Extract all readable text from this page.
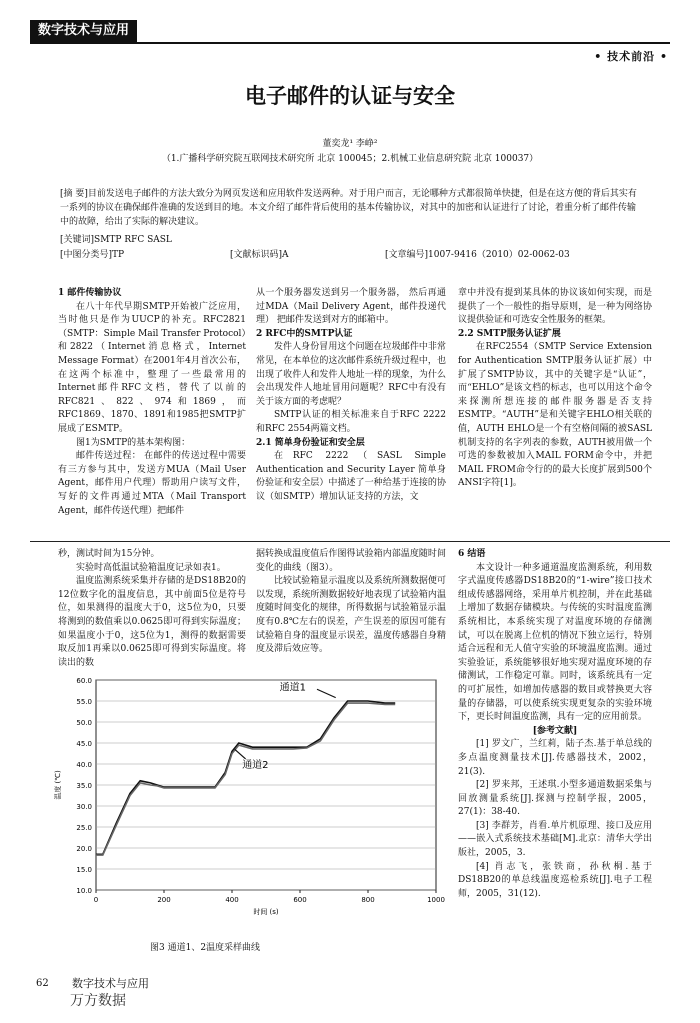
数字技术与应用
• 技术前沿 •
电子邮件的认证与安全
董奕龙¹ 李峥²
（1.广播科学研究院互联网技术研究所 北京 100045；2.机械工业信息研究院 北京 100037）
[摘 要]目前发送电子邮件的方法大致分为网页发送和应用软件发送两种。对于用户而言，无论哪种方式都很简单快捷，但是在这方便的背后其实有一系列的协议在确保邮件准确的发送到目的地。本文介绍了邮件背后使用的基本传输协议，对其中的加密和认证进行了讨论，着重分析了邮件传输中的故障，给出了实际的解决建议。
[关键词]SMTP RFC SASL
[中图分类号]TP	[文献标识码]A	[文章编号]1007-9416（2010）02-0062-03

1 邮件传输协议

在八十年代早期SMTP开始被广泛应用，当时他只是作为UUCP的补充。RFC2821（SMTP：Simple Mail Transfer Protocol）和2822（Internet消息格式，Internet Message Format）在2001年4月首次公布，在这两个标准中，整理了一些最常用的Internet邮件RFC文档，替代了以前的RFC821、822、974和1869，而RFC1869、1870、1891和1985把SMTP扩展成了ESMTP。

图1为SMTP的基本架构图：

邮件传送过程： 在邮件的传送过程中需要有三方参与其中，发送方MUA（Mail User Agent，邮件用户代理）帮助用户读写文件，写好的文件再通过MTA（Mail Transport Agent，邮件传送代理）把邮件

从一个服务器发送到另一个服务器， 然后再通过MDA（Mail Delivery Agent，邮件投递代理） 把邮件发送到对方的邮箱中。

2 RFC中的SMTP认证

发件人身份冒用这个问题在垃圾邮件中非常常见，在本单位的这次邮件系统升级过程中，也出现了收件人和发件人地址一样的现象，为什么会出现发件人地址冒用问题呢？RFC中有没有关于该方面的考虑呢？

SMTP认证的相关标准来自于RFC 2222和RFC 2554两篇文档。

2.1 简单身份验证和安全层

在RFC 2222（SASL Simple Authentication and Security Layer 简单身份验证和安全层）中描述了一种给基于连接的协议（如SMTP）增加认证支持的方法，文

章中并没有提到某具体的协议该如何实现，而是提供了一个一般性的指导原则，是一种为网络协议提供验证和可选安全性服务的框架。

2.2 SMTP服务认证扩展

在RFC2554（SMTP Service Extension for Authentication SMTP服务认证扩展）中扩展了SMTP协议，其中的关键字是“认证”，而“EHLO”是该文档的标志，也可以用这个命令来探测所想连接的邮件服务器是否支持ESMTP。“AUTH”是和关键字EHLO相关联的值，AUTH EHLO是一个有空格间隔的被SASL机制支持的名字列表的参数，AUTH被用做一个可选的参数被加入MAIL FORM命令中，并把MAIL FROM命令行的的最大长度扩展到500个ANSI字符[1]。

秒，测试时间为15分钟。

实验时高低温试验箱温度记录如表1。

温度监测系统采集并存储的是DS18B20的12位数字化的温度信息，其中前面5位是符号位，如果测得的温度大于0，这5位为0，只要将测到的数值乘以0.0625即可得到实际温度；如果温度小于0，这5位为1，测得的数据需要取反加1再乘以0.0625即可得到实际温度。将读出的数

据转换成温度值后作图得试验箱内部温度随时间变化的曲线（图3）。

比较试验箱显示温度以及系统所测数据便可以发现，系统所测数据较好地表现了试验箱内温度随时间变化的规律，所得数据与试验箱显示温度有0.8℃左右的误差，产生误差的原因可能有试验箱自身的温度显示误差，温度传感器自身精度及滞后效应等。

6 结语

本文设计一种多通道温度监测系统，利用数字式温度传感器DS18B20的“1-wire”接口技术组成传感器网络，采用单片机控制，并在此基础上增加了数据存储模块。与传统的实时温度监测系统相比，本系统实现了对温度环境的存储测试，可以在脱离上位机的情况下独立运行，特别适合远程和无人值守实验的环境温度监测。通过实验验证，系统能够很好地实现对温度环境的存储测试，工作稳定可靠。同时，该系统具有一定的可扩展性，如增加传感器的数目或替换更大容量的存储器，可以使系统实现更复杂的实验环境下，更长时间温度监测，具有一定的应用前景。

[参考文献]

[1] 罗文广，兰红莉，陆子杰.基于单总线的多点温度测量技术[J].传感器技术，2002，21(3).

[2] 罗来邦，王述琪.小型多通道数据采集与回放测量系统[J].探测与控制学报，2005，27(1)：38-40.

[3] 李群芳，肖看.单片机原理、接口及应用——嵌入式系统技术基础[M].北京：清华大学出版社，2005，3.

[4] 肖志飞，张铁商，孙秋桐.基于DS18B20的单总线温度巡检系统[J].电子工程师，2005，31(12).

10.0
15.0
20.0
25.0
30.0
35.0
40.0
45.0
50.0
55.0
60.0
0	200	400	600	800	1000
时间 (s)
温度 (℃)
通道1
通道2
图3 通道1、2温度采样曲线
62 数字技术与应用
万方数据
